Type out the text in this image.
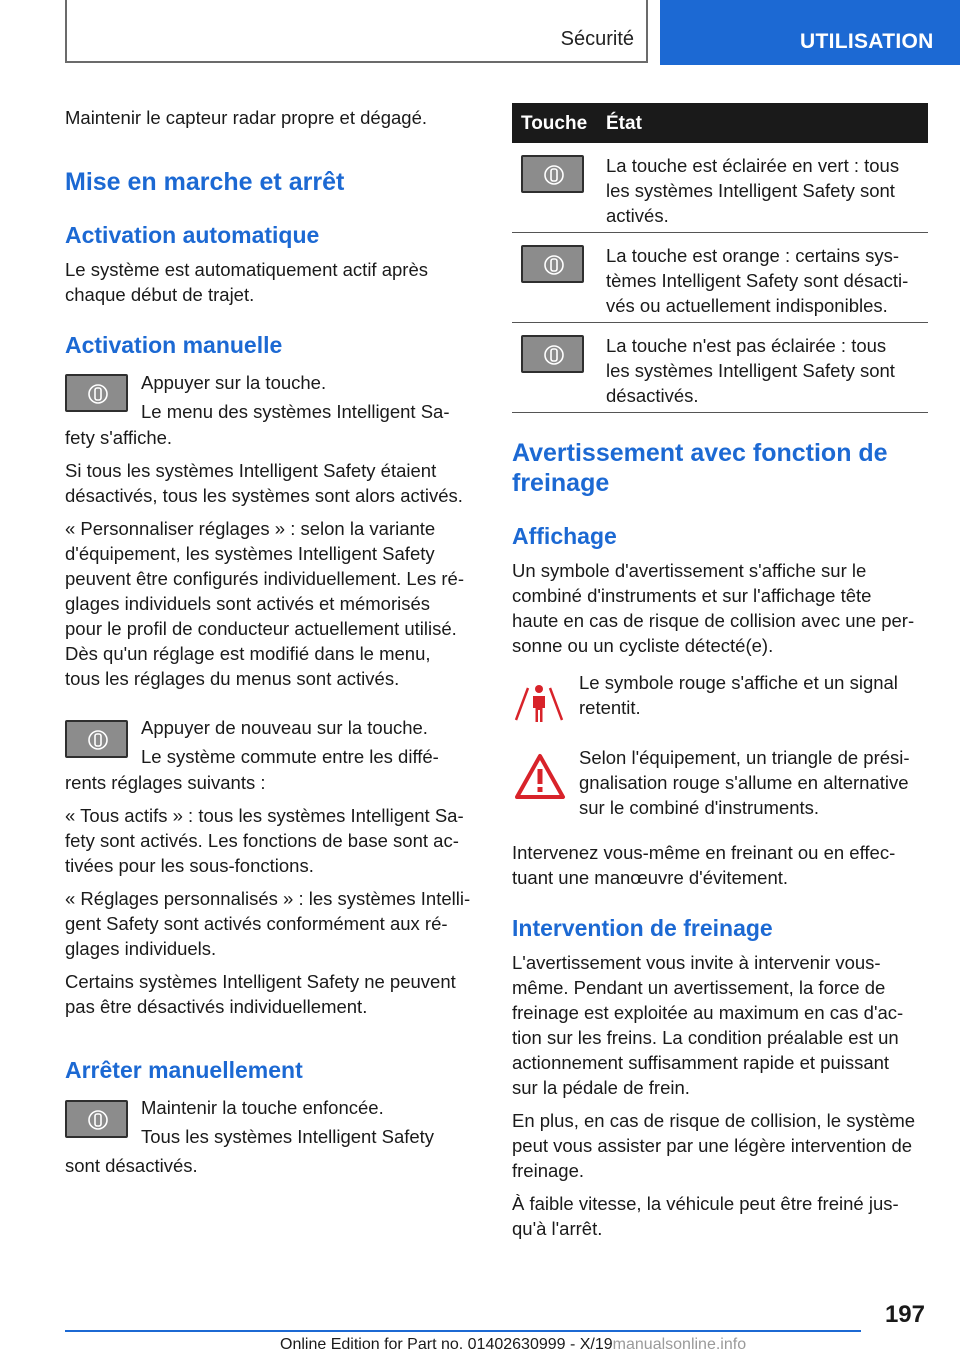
Sécurité	UTILISATION

Maintenir le capteur radar propre et dégagé.

Mise en marche et arrêt
Activation automatique

Le système est automatiquement actif après

chaque début de trajet.

Activation manuelle

Appuyer sur la touche.

Le menu des systèmes Intelligent Sa-

fety s'affiche.

Si tous les systèmes Intelligent Safety étaient

désactivés, tous les systèmes sont alors activés.

« Personnaliser réglages » : selon la variante

d'équipement, les systèmes Intelligent Safety

peuvent être configurés individuellement. Les ré-

glages individuels sont activés et mémorisés

pour le profil de conducteur actuellement utilisé.

Dès qu'un réglage est modifié dans le menu,

tous les réglages du menus sont activés.

Appuyer de nouveau sur la touche.

Le système commute entre les diffé-

rents réglages suivants :

« Tous actifs » : tous les systèmes Intelligent Sa-

fety sont activés. Les fonctions de base sont ac-

tivées pour les sous-fonctions.

« Réglages personnalisés » : les systèmes Intelli-

gent Safety sont activés conformément aux ré-

glages individuels.

Certains systèmes Intelligent Safety ne peuvent

pas être désactivés individuellement.

Arrêter manuellement

Maintenir la touche enfoncée.

Tous les systèmes Intelligent Safety

sont désactivés.

Touche État

La touche est éclairée en vert : tous
les systèmes Intelligent Safety sont
activés.

La touche est orange : certains sys-
tèmes Intelligent Safety sont désacti-
vés ou actuellement indisponibles.

La touche n'est pas éclairée : tous
les systèmes Intelligent Safety sont
désactivés.

Avertissement avec fonction de
freinage
Affichage

Un symbole d'avertissement s'affiche sur le

combiné d'instruments et sur l'affichage tête

haute en cas de risque de collision avec une per-

sonne ou un cycliste détecté(e).

Le symbole rouge s'affiche et un signal

retentit.

Selon l'équipement, un triangle de prési-

gnalisation rouge s'allume en alternative

sur le combiné d'instruments.

Intervenez vous-même en freinant ou en effec-

tuant une manœuvre d'évitement.

Intervention de freinage

L'avertissement vous invite à intervenir vous-

même. Pendant un avertissement, la force de

freinage est exploitée au maximum en cas d'ac-

tion sur les freins. La condition préalable est un

actionnement suffisamment rapide et puissant

sur la pédale de frein.

En plus, en cas de risque de collision, le système

peut vous assister par une légère intervention de

freinage.

À faible vitesse, la véhicule peut être freiné jus-

qu'à l'arrêt.

197
Online Edition for Part no. 01402630999 - X/19manualsonline.info
